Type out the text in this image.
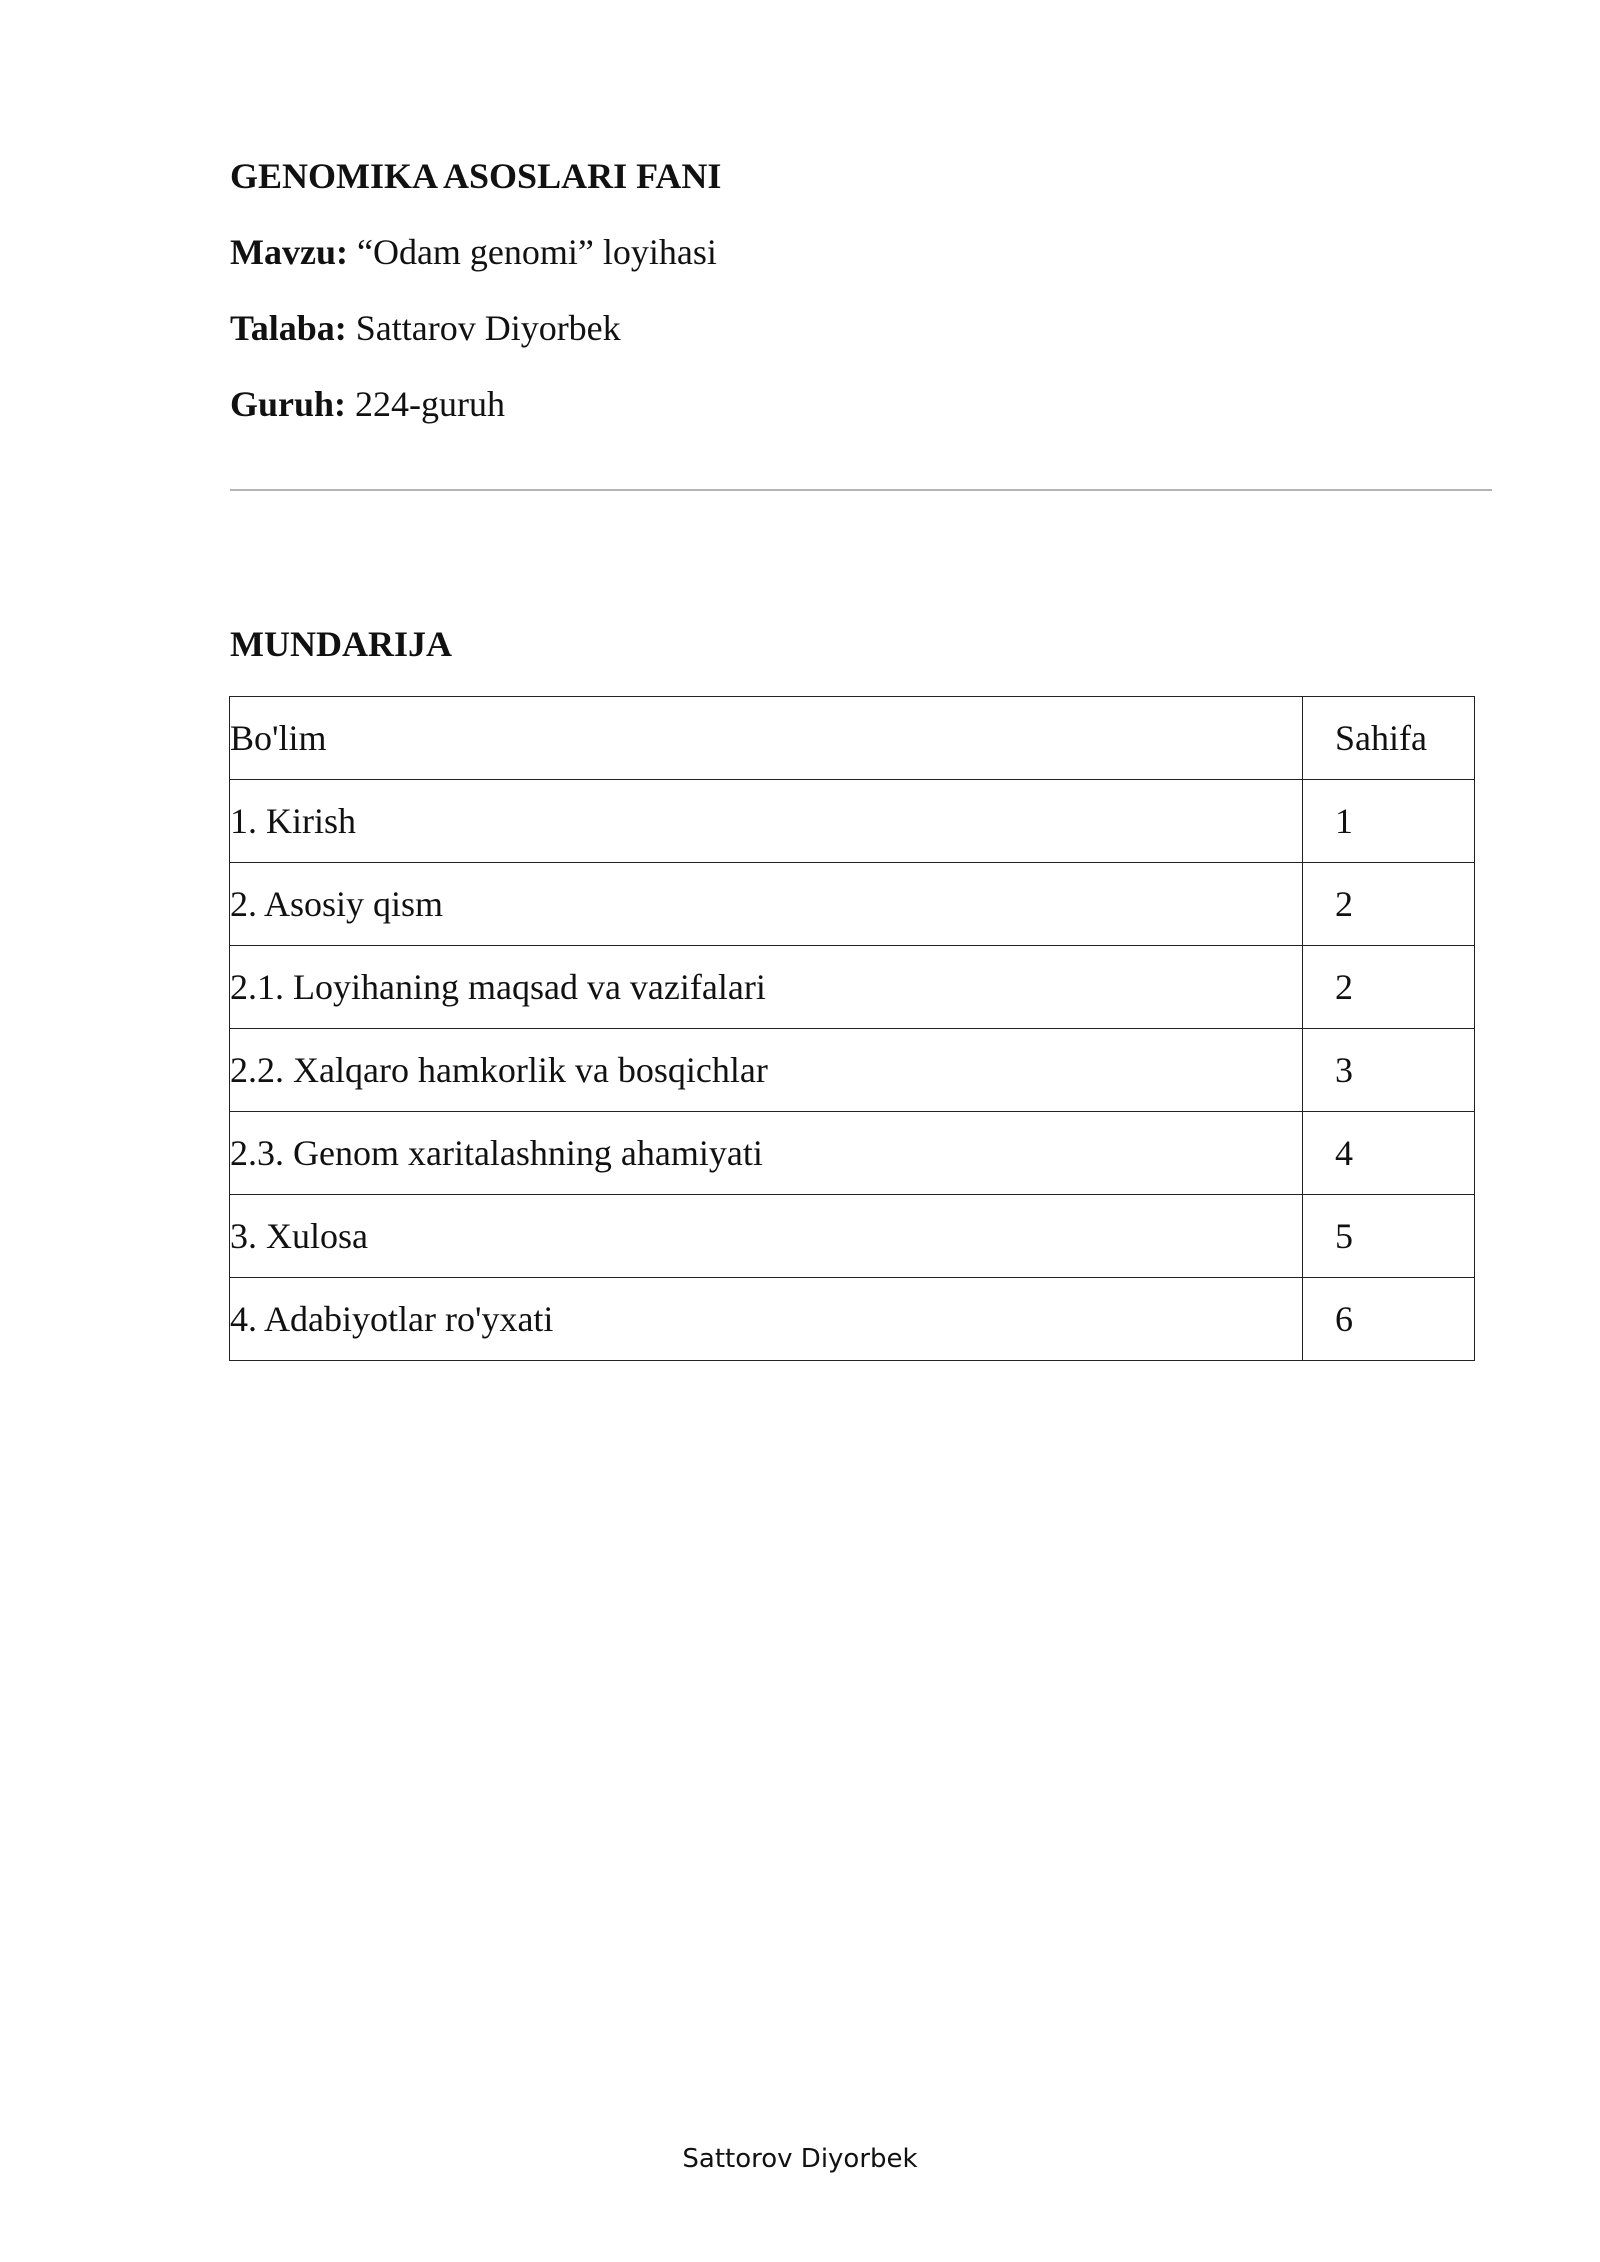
GENOMIKA ASOSLARI FANI
Mavzu: “Odam genomi” loyihasi
Talaba: Sattarov Diyorbek
Guruh: 224-guruh
MUNDARIJA
Bo'lim	Sahifa
1. Kirish	1
2. Asosiy qism	2
2.1. Loyihaning maqsad va vazifalari	2
2.2. Xalqaro hamkorlik va bosqichlar	3
2.3. Genom xaritalashning ahamiyati	4
3. Xulosa	5
4. Adabiyotlar ro'yxati	6
Sattorov Diyorbek
